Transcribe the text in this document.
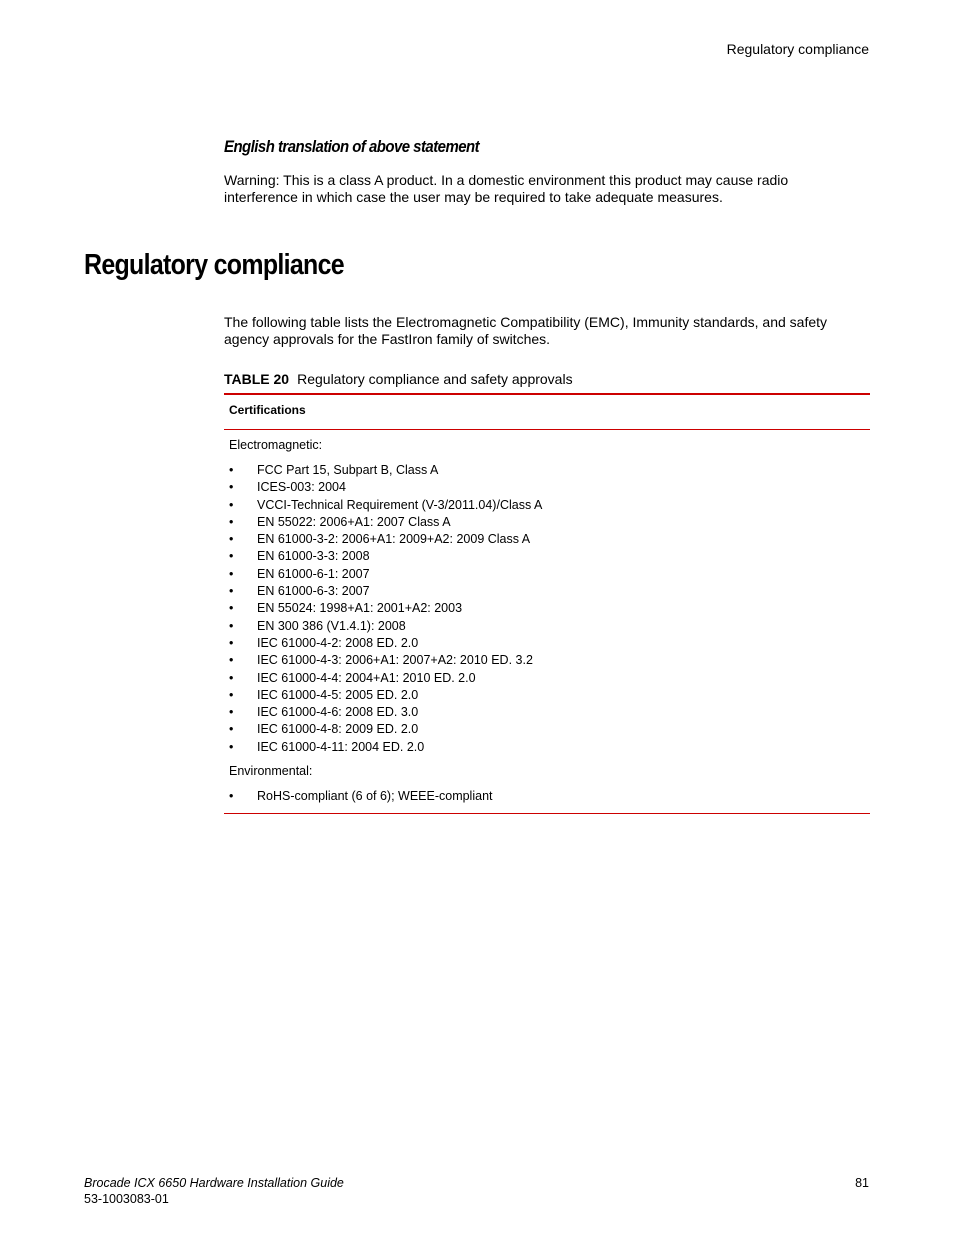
Regulatory compliance
English translation of above statement
Warning: This is a class A product. In a domestic environment this product may cause radio interference in which case the user may be required to take adequate measures.
Regulatory compliance
The following table lists the Electromagnetic Compatibility (EMC), Immunity standards, and safety agency approvals for the FastIron family of switches.
TABLE 20 Regulatory compliance and safety approvals
Certifications
Electromagnetic:
• FCC Part 15, Subpart B, Class A
• ICES-003: 2004
• VCCI-Technical Requirement (V-3/2011.04)/Class A
• EN 55022: 2006+A1: 2007 Class A
• EN 61000-3-2: 2006+A1: 2009+A2: 2009 Class A
• EN 61000-3-3: 2008
• EN 61000-6-1: 2007
• EN 61000-6-3: 2007
• EN 55024: 1998+A1: 2001+A2: 2003
• EN 300 386 (V1.4.1): 2008
• IEC 61000-4-2: 2008 ED. 2.0
• IEC 61000-4-3: 2006+A1: 2007+A2: 2010 ED. 3.2
• IEC 61000-4-4: 2004+A1: 2010 ED. 2.0
• IEC 61000-4-5: 2005 ED. 2.0
• IEC 61000-4-6: 2008 ED. 3.0
• IEC 61000-4-8: 2009 ED. 2.0
• IEC 61000-4-11: 2004 ED. 2.0
Environmental:
• RoHS-compliant (6 of 6); WEEE-compliant
Brocade ICX 6650 Hardware Installation Guide
53-1003083-01
81
